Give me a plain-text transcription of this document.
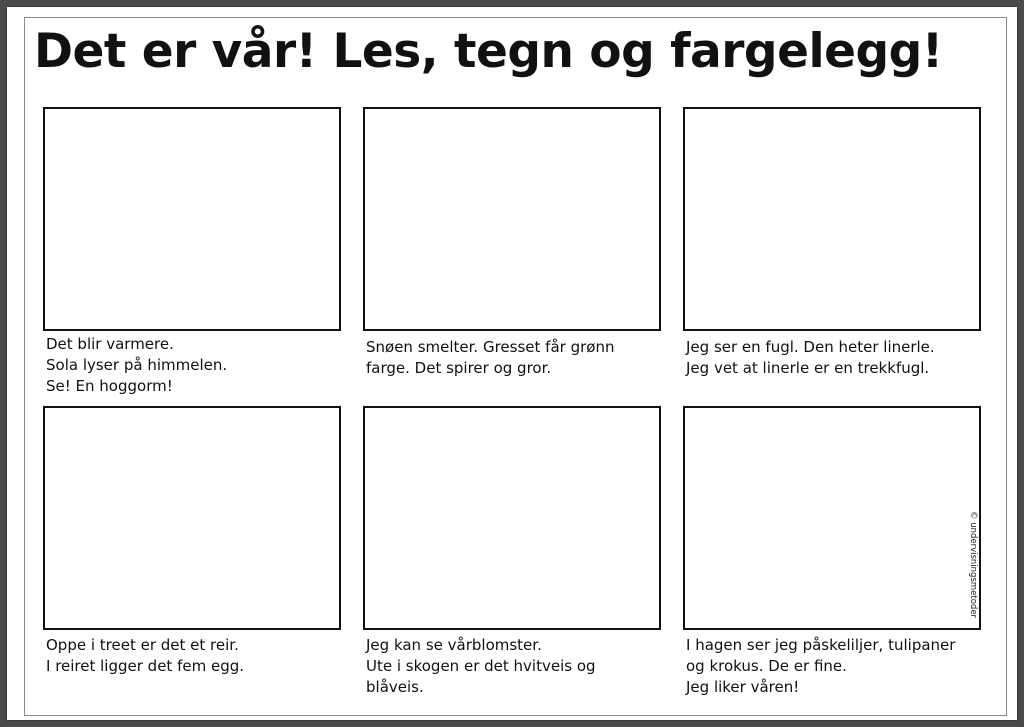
Det er vår! Les, tegn og fargelegg!
Det blir varmere.
Sola lyser på himmelen.
Se! En hoggorm!
Snøen smelter. Gresset får grønn
farge. Det spirer og gror.
Jeg ser en fugl. Den heter linerle.
Jeg vet at linerle er en trekkfugl.
Oppe i treet er det et reir.
I reiret ligger det fem egg.
Jeg kan se vårblomster.
Ute i skogen er det hvitveis og
blåveis.
I hagen ser jeg påskeliljer, tulipaner
og krokus. De er fine.
Jeg liker våren!
© undervisningsmetoder
